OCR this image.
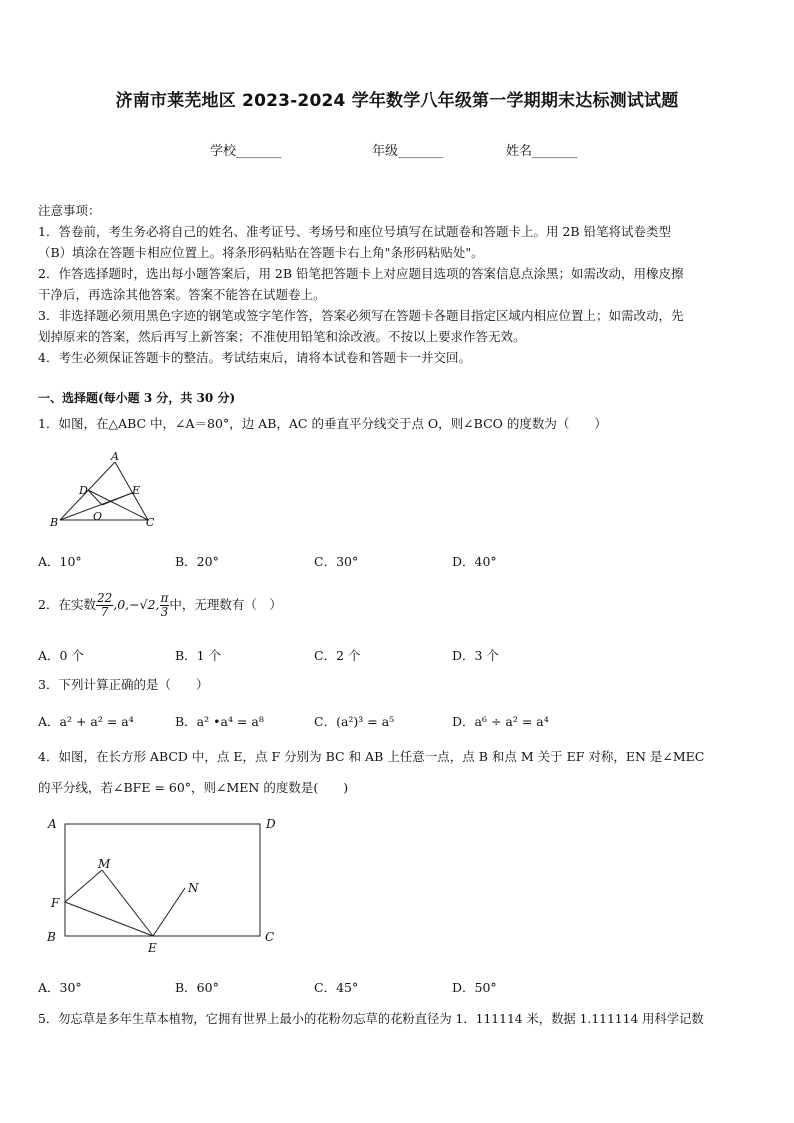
济南市莱芜地区 2023-2024 学年数学八年级第一学期期末达标测试试题
学校_______	年级_______	姓名_______
注意事项：
1．答卷前，考生务必将自己的姓名、准考证号、考场号和座位号填写在试题卷和答题卡上。用 2B 铅笔将试卷类型
（B）填涂在答题卡相应位置上。将条形码粘贴在答题卡右上角"条形码粘贴处"。
2．作答选择题时，选出每小题答案后，用 2B 铅笔把答题卡上对应题目选项的答案信息点涂黑；如需改动，用橡皮擦
干净后，再选涂其他答案。答案不能答在试题卷上。
3．非选择题必须用黑色字迹的钢笔或签字笔作答，答案必须写在答题卡各题目指定区域内相应位置上；如需改动，先
划掉原来的答案，然后再写上新答案；不准使用铅笔和涂改液。不按以上要求作答无效。
4．考生必须保证答题卡的整洁。考试结束后，请将本试卷和答题卡一并交回。
一、选择题(每小题 3 分，共 30 分)
1．如图，在△ABC 中，∠A＝80°，边 AB，AC 的垂直平分线交于点 O，则∠BCO 的度数为（　　）
A
D	E
O
B	C
A．10°	B．20°	C．30°	D．40°
2．在实数 $\frac{22}{7} ,0,-√2$, $\frac{\pi}{3}$ 中，无理数有（　）
A．0 个	B．1 个	C．2 个	D．3 个
3．下列计算正确的是（　　）
A．a² + a² = a⁴	B．a² •a⁴ = a⁸	C．(a²)³ = a⁵	D．a⁶ ÷ a² = a⁴
4．如图，在长方形 ABCD 中，点 E，点 F 分别为 BC 和 AB 上任意一点，点 B 和点 M 关于 EF 对称，EN 是∠MEC
的平分线，若∠BFE = 60°，则∠MEN 的度数是(　　)
A	D
M
N
F
B	C
E
A．30°	B．60°	C．45°	D．50°
5．勿忘草是多年生草本植物，它拥有世界上最小的花粉勿忘草的花粉直径为 1．111114 米，数据 1.111114 用科学记数
